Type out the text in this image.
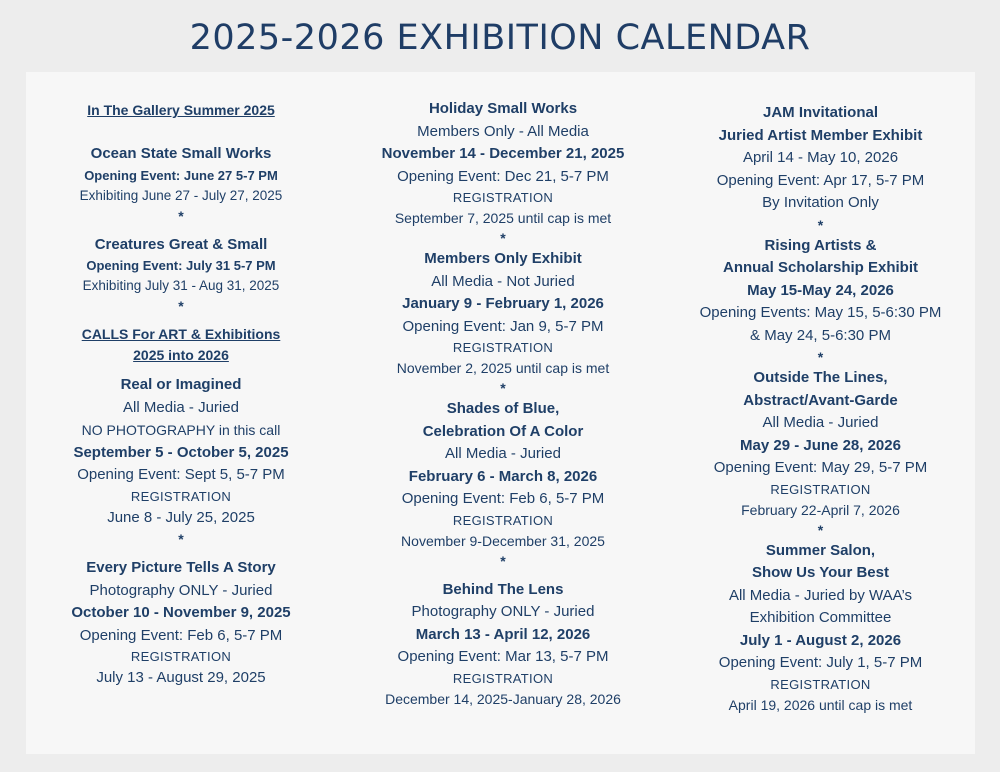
2025-2026 EXHIBITION CALENDAR
In The Gallery Summer 2025
Ocean State Small Works
Opening Event: June 27 5-7 PM
Exhibiting June 27 - July 27, 2025
*
Creatures Great & Small
Opening Event: July 31 5-7 PM
Exhibiting July 31 - Aug 31, 2025
*
CALLS For ART & Exhibitions
2025 into 2026
Real or Imagined
All Media - Juried
NO PHOTOGRAPHY in this call
September 5 - October 5, 2025
Opening Event: Sept 5, 5-7 PM
REGISTRATION
June 8 - July 25, 2025
*
Every Picture Tells A Story
Photography ONLY - Juried
October 10 - November 9, 2025
Opening Event: Feb 6, 5-7 PM
REGISTRATION
July 13 - August 29, 2025
Holiday Small Works
Members Only - All Media
November 14 - December 21, 2025
Opening Event: Dec 21, 5-7 PM
REGISTRATION
September 7, 2025 until cap is met
*
Members Only Exhibit
All Media - Not Juried
January 9 - February 1, 2026
Opening Event: Jan 9, 5-7 PM
REGISTRATION
November 2, 2025 until cap is met
*
Shades of Blue,
Celebration Of A Color
All Media - Juried
February 6 - March 8, 2026
Opening Event: Feb 6, 5-7 PM
REGISTRATION
November 9-December 31, 2025
*
Behind The Lens
Photography ONLY - Juried
March 13 - April 12, 2026
Opening Event: Mar 13, 5-7 PM
REGISTRATION
December 14, 2025-January 28, 2026
JAM Invitational
Juried Artist Member Exhibit
April 14 - May 10, 2026
Opening Event: Apr 17, 5-7 PM
By Invitation Only
*
Rising Artists &
Annual Scholarship Exhibit
May 15-May 24, 2026
Opening Events: May 15, 5-6:30 PM
& May 24, 5-6:30 PM
*
Outside The Lines,
Abstract/Avant-Garde
All Media - Juried
May 29 - June 28, 2026
Opening Event: May 29, 5-7 PM
REGISTRATION
February 22-April 7, 2026
*
Summer Salon,
Show Us Your Best
All Media - Juried by WAA’s
Exhibition Committee
July 1 - August 2, 2026
Opening Event: July 1, 5-7 PM
REGISTRATION
April 19, 2026 until cap is met
